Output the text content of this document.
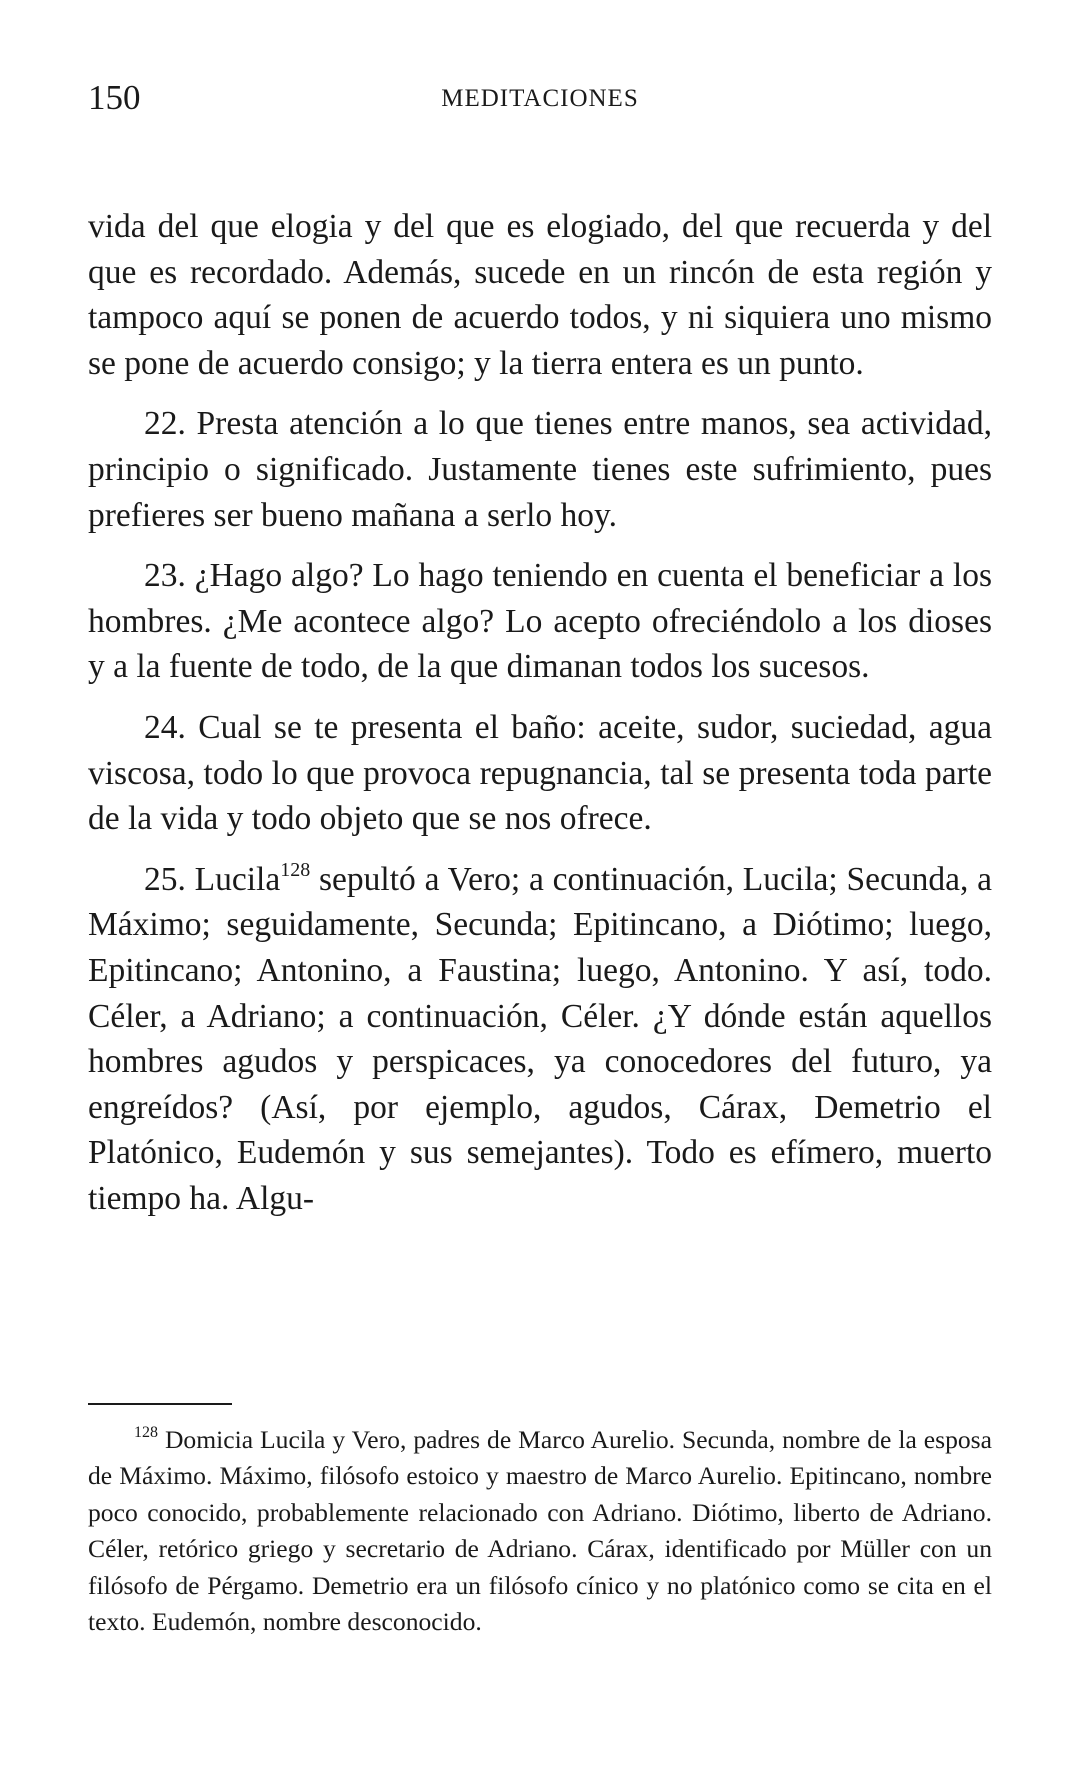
150	MEDITACIONES

vida del que elogia y del que es elogiado, del que recuerda y del que es recordado. Además, sucede en un rincón de esta región y tampoco aquí se ponen de acuerdo todos, y ni siquiera uno mismo se pone de acuerdo consigo; y la tierra entera es un punto.

22. Presta atención a lo que tienes entre manos, sea actividad, principio o significado. Justamente tienes este sufrimiento, pues prefieres ser bueno mañana a serlo hoy.

23. ¿Hago algo? Lo hago teniendo en cuenta el beneficiar a los hombres. ¿Me acontece algo? Lo acepto ofreciéndolo a los dioses y a la fuente de todo, de la que dimanan todos los sucesos.

24. Cual se te presenta el baño: aceite, sudor, suciedad, agua viscosa, todo lo que provoca repugnancia, tal se presenta toda parte de la vida y todo objeto que se nos ofrece.

25. Lucila$^{128}$ sepultó a Vero; a continuación, Lucila; Secunda, a Máximo; seguidamente, Secunda; Epitincano, a Diótimo; luego, Epitincano; Antonino, a Faustina; luego, Antonino. Y así, todo. Céler, a Adriano; a continuación, Céler. ¿Y dónde están aquellos hombres agudos y perspicaces, ya conocedores del futuro, ya engreídos? (Así, por ejemplo, agudos, Cárax, Demetrio el Platónico, Eudemón y sus semejantes). Todo es efímero, muerto tiempo ha. Algu-

$^{128}$ Domicia Lucila y Vero, padres de Marco Aurelio. Secunda, nombre de la esposa de Máximo. Máximo, filósofo estoico y maestro de Marco Aurelio. Epitincano, nombre poco conocido, probablemente relacionado con Adriano. Diótimo, liberto de Adriano. Céler, retórico griego y secretario de Adriano. Cárax, identificado por Müller con un filósofo de Pérgamo. Demetrio era un filósofo cínico y no platónico como se cita en el texto. Eudemón, nombre desconocido.
